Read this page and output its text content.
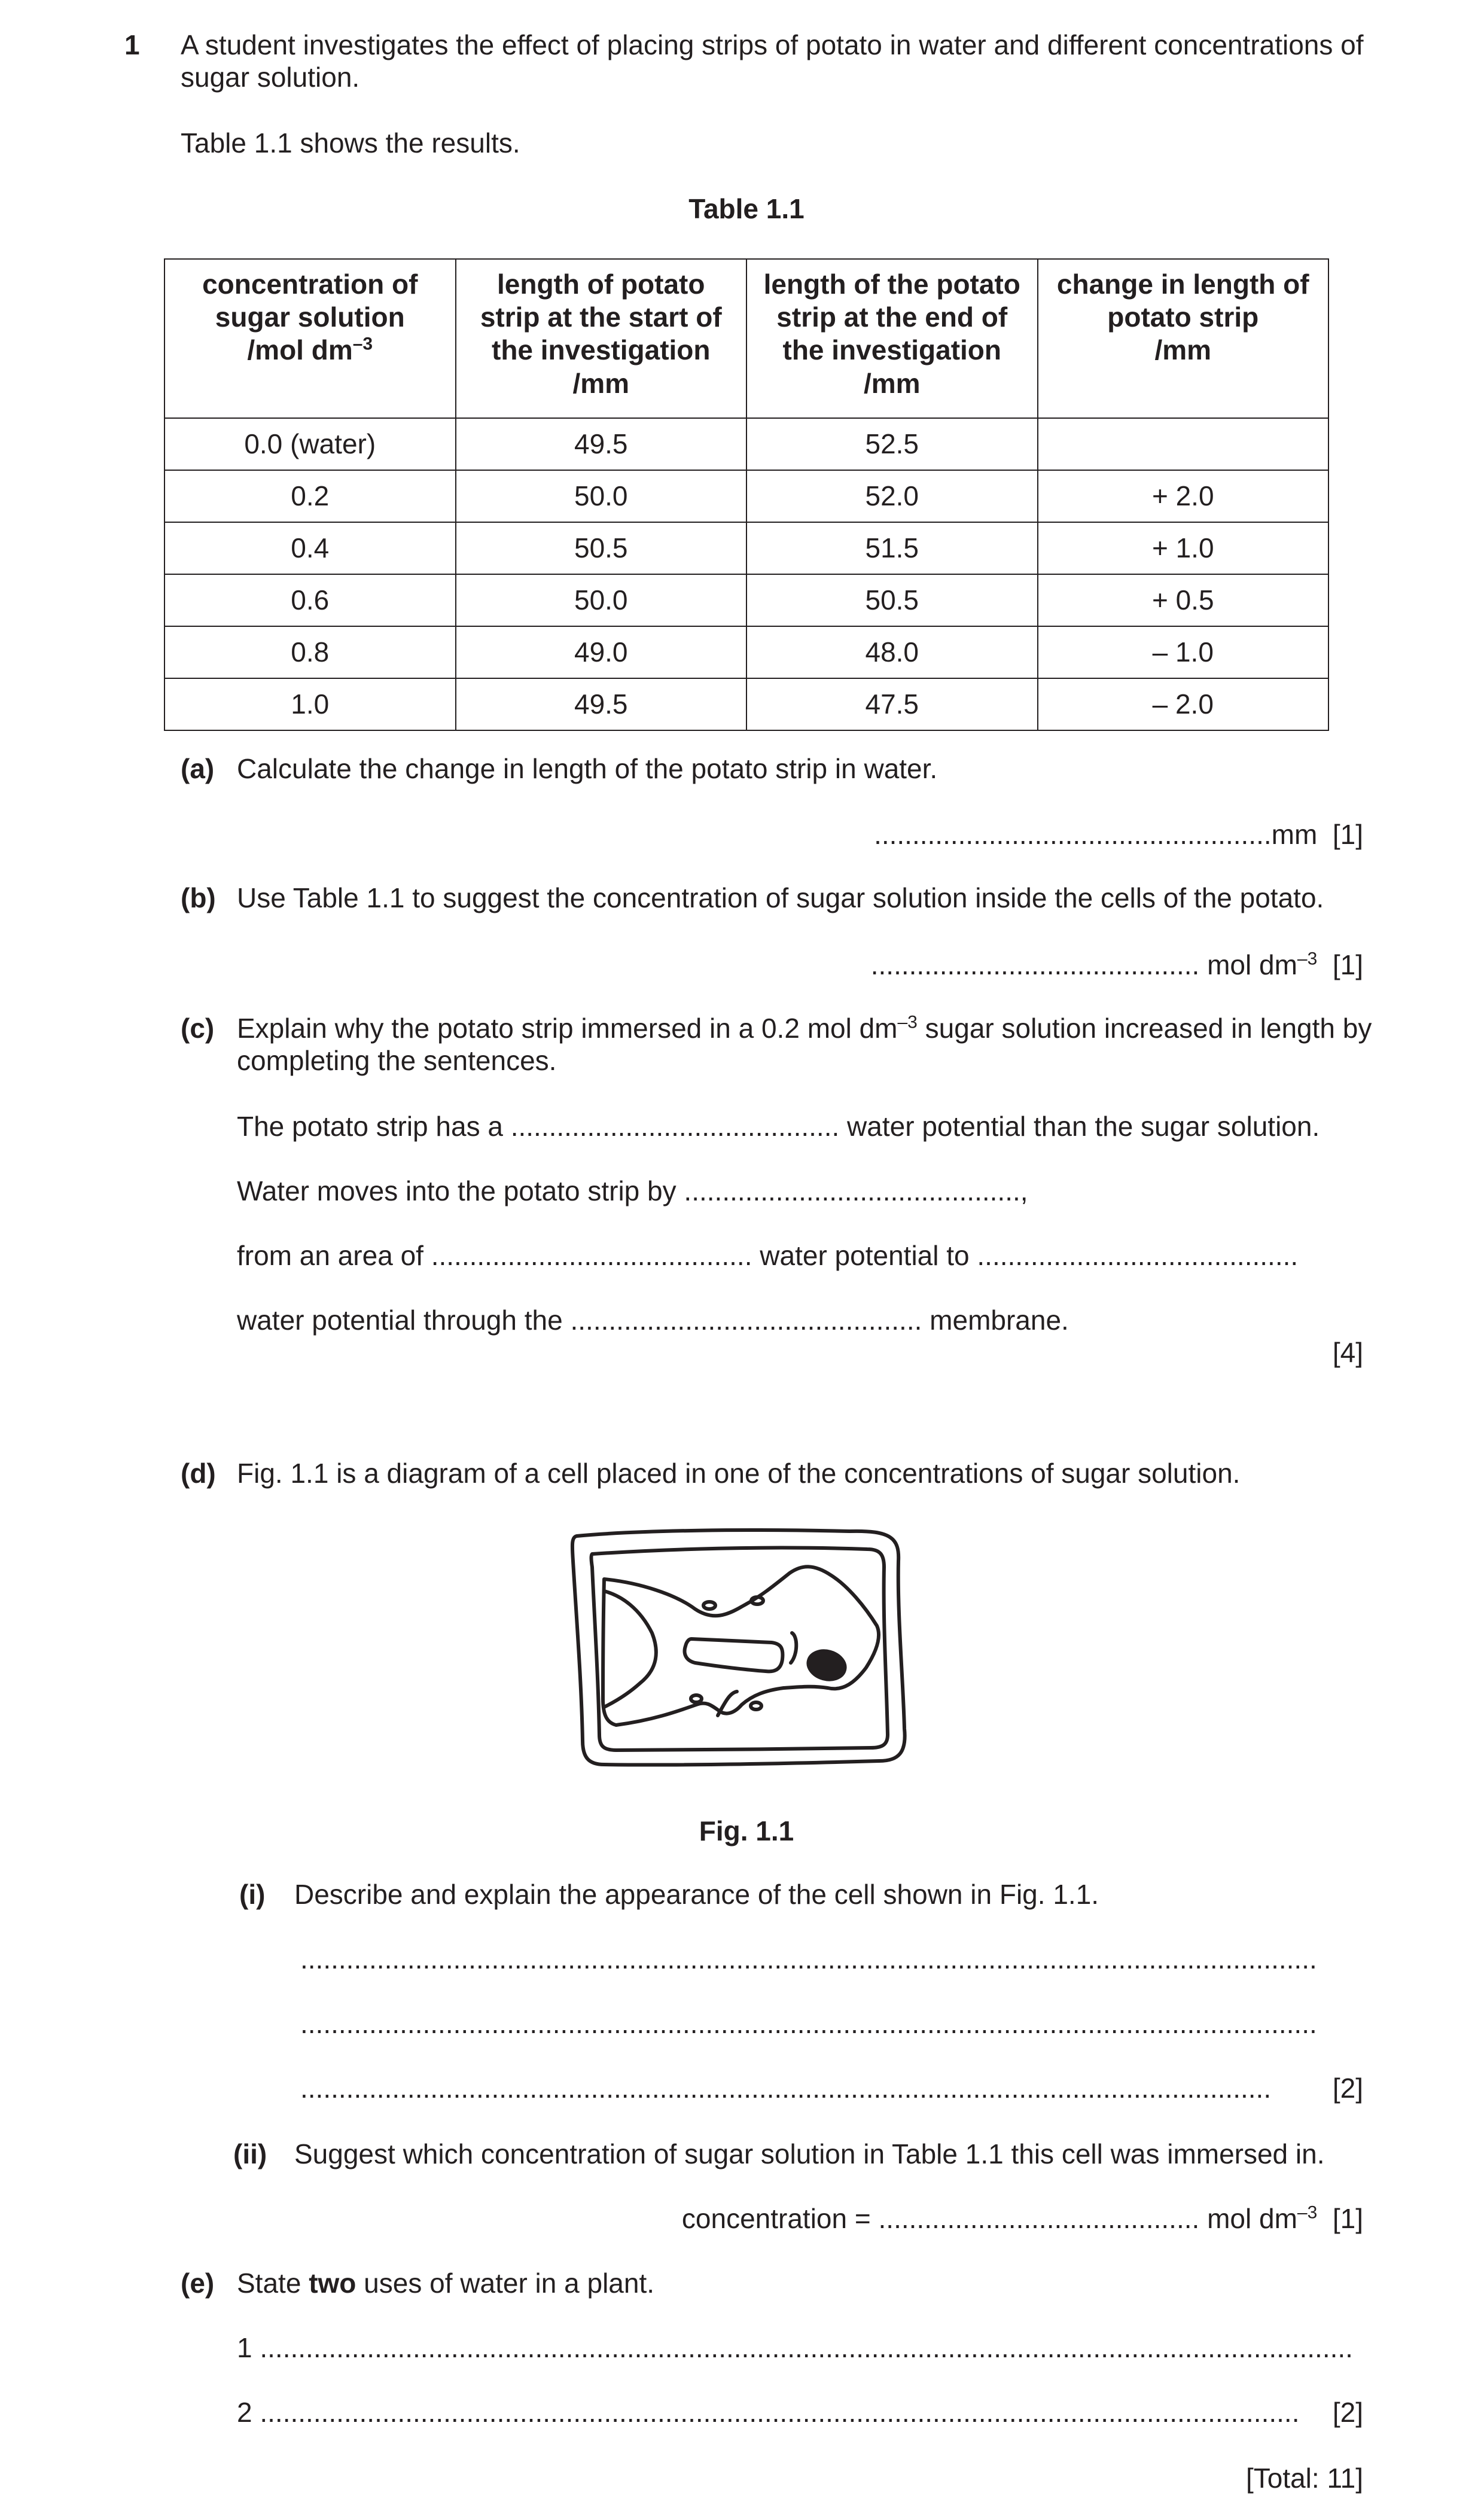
1 A student investigates the effect of placing strips of potato in water and different concentrations of
sugar solution.
Table 1.1 shows the results.
Table 1.1
concentration of
sugar solution
/mol $dm^{-3}$	length of potato
strip at the start of
the investigation
/mm	length of the potato
strip at the end of
the investigation
/mm	change in length of
potato strip
/mm

0.0 (water)	49.5	52.5	
0.2	50.0	52.0	+ 2.0
0.4	50.5	51.5	+ 1.0
0.6	50.0	50.5	+ 0.5
0.8	49.0	48.0	– 1.0
1.0	49.5	47.5	– 2.0
(a) Calculate the change in length of the potato strip in water.
....................................................mm [1]
(b) Use Table 1.1 to suggest the concentration of sugar solution inside the cells of the potato.
........................................... mol $dm^{-3}$ [1]
(c) Explain why the potato strip immersed in a 0.2 mol $dm^{-3}$ sugar solution increased in length by
completing the sentences.
The potato strip has a ........................................... water potential than the sugar solution.
Water moves into the potato strip by ............................................,
from an area of .......................................... water potential to ..........................................
water potential through the .............................................. membrane.
[4]
(d) Fig. 1.1 is a diagram of a cell placed in one of the concentrations of sugar solution.
Fig. 1.1
(i) Describe and explain the appearance of the cell shown in Fig. 1.1.
.....................................................................................................................................
.....................................................................................................................................
............................................................................................................................... [2]
(ii) Suggest which concentration of sugar solution in Table 1.1 this cell was immersed in.
concentration = .......................................... mol $dm^{-3}$ [1]
(e) State two uses of water in a plant.
1 ...............................................................................................................................................
2 ........................................................................................................................................ [2]
[Total: 11]
